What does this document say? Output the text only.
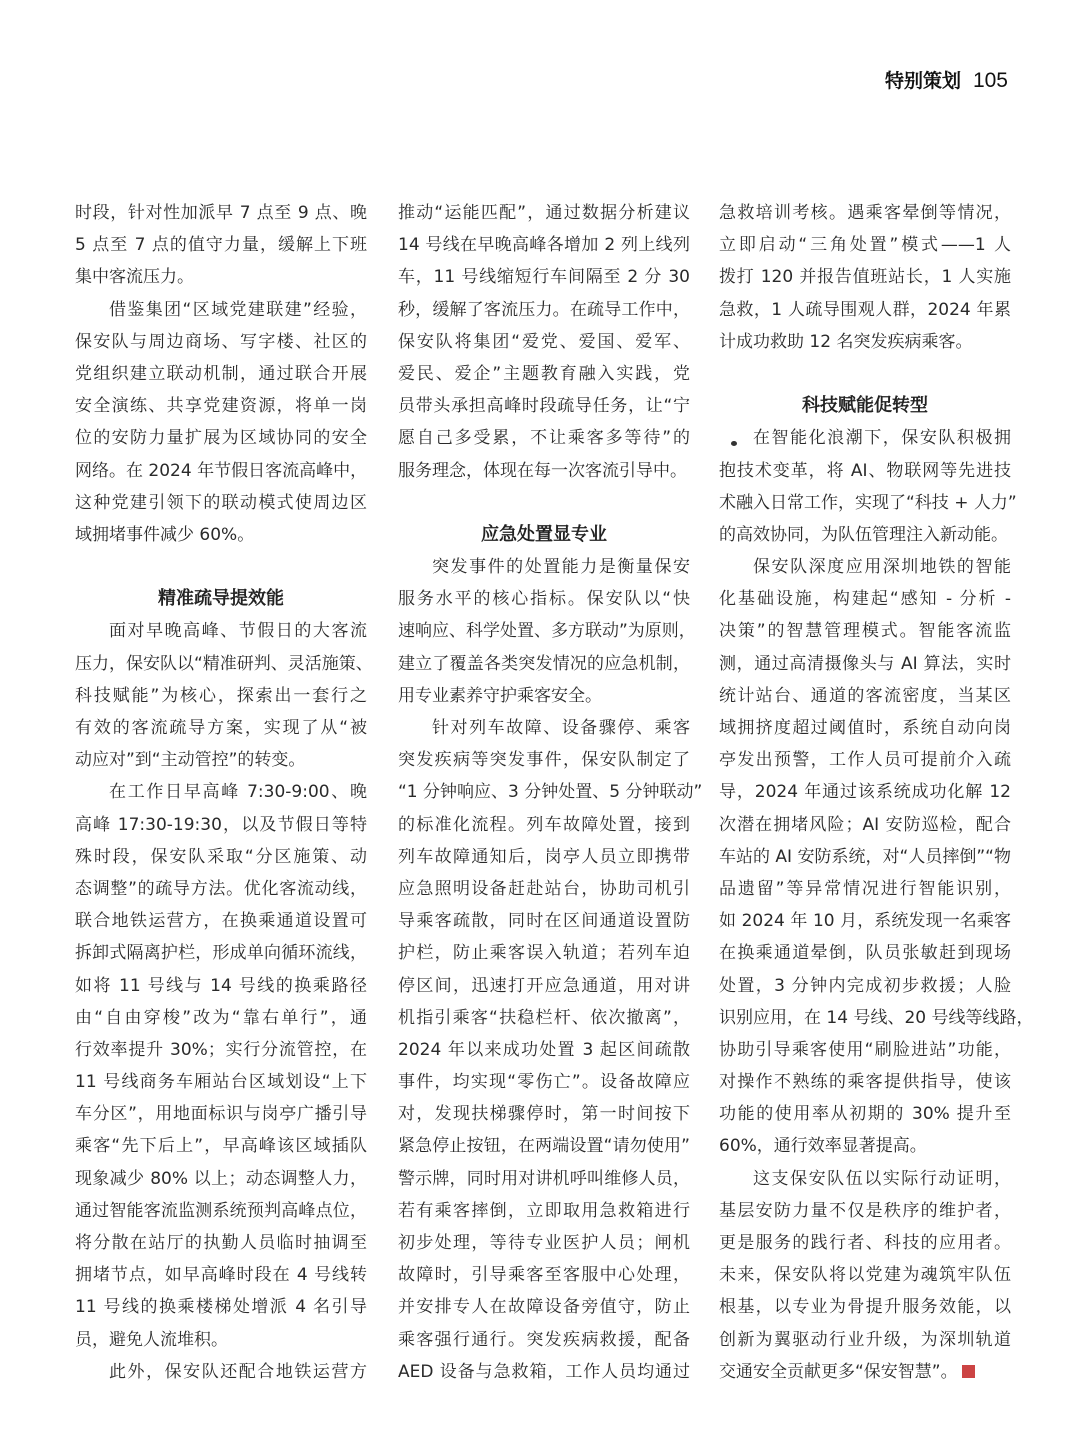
特别策划 105
时段，针对性加派早 7 点至 9 点、晚
5 点至 7 点的值守力量，缓解上下班
集中客流压力。
借鉴集团“区域党建联建”经验，
保安队与周边商场、写字楼、社区的
党组织建立联动机制，通过联合开展
安全演练、共享党建资源，将单一岗
位的安防力量扩展为区域协同的安全
网络。在 2024 年节假日客流高峰中，
这种党建引领下的联动模式使周边区
域拥堵事件减少 60%。
精准疏导提效能
面对早晚高峰、节假日的大客流
压力，保安队以“精准研判、灵活施策、
科技赋能”为核心，探索出一套行之
有效的客流疏导方案，实现了从“被
动应对”到“主动管控”的转变。
在工作日早高峰 7:30-9:00、晚
高峰 17:30-19:30，以及节假日等特
殊时段，保安队采取“分区施策、动
态调整”的疏导方法。优化客流动线，
联合地铁运营方，在换乘通道设置可
拆卸式隔离护栏，形成单向循环流线，
如将 11 号线与 14 号线的换乘路径
由“自由穿梭”改为“靠右单行”，通
行效率提升 30%；实行分流管控，在
11 号线商务车厢站台区域划设“上下
车分区”，用地面标识与岗亭广播引导
乘客“先下后上”，早高峰该区域插队
现象减少 80% 以上；动态调整人力，
通过智能客流监测系统预判高峰点位，
将分散在站厅的执勤人员临时抽调至
拥堵节点，如早高峰时段在 4 号线转
11 号线的换乘楼梯处增派 4 名引导
员，避免人流堆积。
此外，保安队还配合地铁运营方
推动“运能匹配”，通过数据分析建议
14 号线在早晚高峰各增加 2 列上线列
车，11 号线缩短行车间隔至 2 分 30
秒，缓解了客流压力。在疏导工作中，
保安队将集团“爱党、爱国、爱军、
爱民、爱企”主题教育融入实践，党
员带头承担高峰时段疏导任务，让“宁
愿自己多受累，不让乘客多等待”的
服务理念，体现在每一次客流引导中。
应急处置显专业
突发事件的处置能力是衡量保安
服务水平的核心指标。保安队以“快
速响应、科学处置、多方联动”为原则，
建立了覆盖各类突发情况的应急机制，
用专业素养守护乘客安全。
针对列车故障、设备骤停、乘客
突发疾病等突发事件，保安队制定了
“1 分钟响应、3 分钟处置、5 分钟联动”
的标准化流程。列车故障处置，接到
列车故障通知后，岗亭人员立即携带
应急照明设备赶赴站台，协助司机引
导乘客疏散，同时在区间通道设置防
护栏，防止乘客误入轨道；若列车迫
停区间，迅速打开应急通道，用对讲
机指引乘客“扶稳栏杆、依次撤离”，
2024 年以来成功处置 3 起区间疏散
事件，均实现“零伤亡”。设备故障应
对，发现扶梯骤停时，第一时间按下
紧急停止按钮，在两端设置“请勿使用”
警示牌，同时用对讲机呼叫维修人员，
若有乘客摔倒，立即取用急救箱进行
初步处理，等待专业医护人员；闸机
故障时，引导乘客至客服中心处理，
并安排专人在故障设备旁值守，防止
乘客强行通行。突发疾病救援，配备
AED 设备与急救箱，工作人员均通过
急救培训考核。遇乘客晕倒等情况，
立即启动“三角处置”模式——1 人
拨打 120 并报告值班站长，1 人实施
急救，1 人疏导围观人群，2024 年累
计成功救助 12 名突发疾病乘客。
科技赋能促转型
在智能化浪潮下，保安队积极拥
抱技术变革，将 AI、物联网等先进技
术融入日常工作，实现了“科技 + 人力”
的高效协同，为队伍管理注入新动能。
保安队深度应用深圳地铁的智能
化基础设施，构建起“感知 - 分析 -
决策”的智慧管理模式。智能客流监
测，通过高清摄像头与 AI 算法，实时
统计站台、通道的客流密度，当某区
域拥挤度超过阈值时，系统自动向岗
亭发出预警，工作人员可提前介入疏
导，2024 年通过该系统成功化解 12
次潜在拥堵风险；AI 安防巡检，配合
车站的 AI 安防系统，对“人员摔倒”“物
品遗留”等异常情况进行智能识别，
如 2024 年 10 月，系统发现一名乘客
在换乘通道晕倒，队员张敏赶到现场
处置，3 分钟内完成初步救援；人脸
识别应用，在 14 号线、20 号线等线路，
协助引导乘客使用“刷脸进站”功能，
对操作不熟练的乘客提供指导，使该
功能的使用率从初期的 30% 提升至
60%，通行效率显著提高。
这支保安队伍以实际行动证明，
基层安防力量不仅是秩序的维护者，
更是服务的践行者、科技的应用者。
未来，保安队将以党建为魂筑牢队伍
根基，以专业为骨提升服务效能，以
创新为翼驱动行业升级，为深圳轨道
交通安全贡献更多“保安智慧”。
